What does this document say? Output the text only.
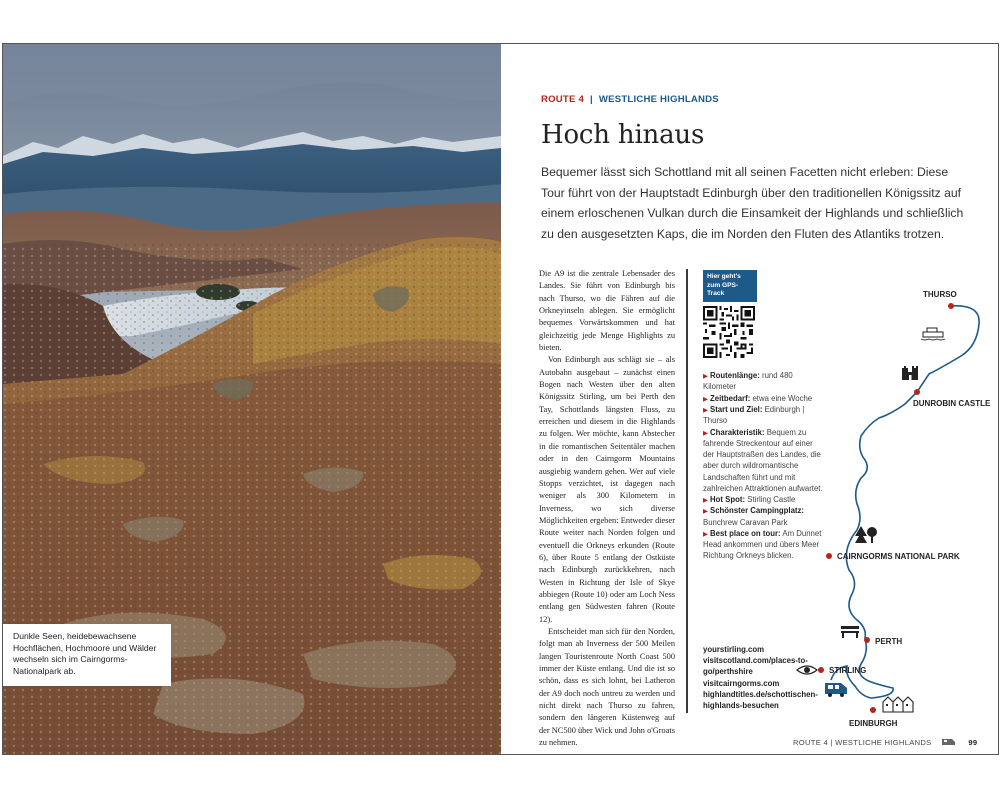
Dunkle Seen, heidebewachsene Hochflächen, Hochmoore und Wälder wechseln sich im Cairngorms-Nationalpark ab.
ROUTE 4 | WESTLICHE HIGHLANDS
Hoch hinaus
Bequemer lässt sich Schottland mit all seinen Facetten nicht erleben: Diese Tour führt von der Hauptstadt Edinburgh über den traditionellen Königssitz auf einem erloschenen Vulkan durch die Einsamkeit der Highlands und schließlich zu den ausgesetzten Kaps, die im Norden den Fluten des Atlantiks trotzen.

Die A9 ist die zentrale Lebensader des Landes. Sie führt von Edinburgh bis nach Thurso, wo die Fähren auf die Orkneyinseln ablegen. Sie ermöglicht bequemes Vorwärtskommen und hat gleichzeitig jede Menge Highlights zu bieten.

Von Edinburgh aus schlägt sie – als Autobahn ausgebaut – zunächst einen Bogen nach Westen über den alten Königssitz Stirling, um bei Perth den Tay, Schottlands längsten Fluss, zu erreichen und diesem in die Highlands zu folgen. Wer möchte, kann Abstecher in die romantischen Seitentäler machen oder in den Cairngorm Mountains ausgiebig wandern gehen. Wer auf viele Stopps verzichtet, ist dagegen nach weniger als 300 Kilometern in Inverness, wo sich diverse Möglichkeiten ergeben: Entweder dieser Route weiter nach Norden folgen und eventuell die Orkneys erkunden (Route 6), über Route 5 entlang der Ostküste nach Edinburgh zurückkehren, nach Westen in Richtung der Isle of Skye abbiegen (Route 10) oder am Loch Ness entlang gen Südwesten fahren (Route 12).

Entscheidet man sich für den Norden, folgt man ab Inverness der 500 Meilen langen Touristenroute North Coast 500 immer der Küste entlang. Und die ist so schön, dass es sich lohnt, bei Latheron der A9 doch noch untreu zu werden und nicht direkt nach Thurso zu fahren, sondern den längeren Küstenweg auf der NC500 über Wick und John o'Groats zu nehmen.

Hier geht's zum GPS-Track
▶ Routenlänge: rund 480 Kilometer
▶ Zeitbedarf: etwa eine Woche
▶ Start und Ziel: Edinburgh | Thurso
▶ Charakteristik: Bequem zu fahrende Streckentour auf einer der Hauptstraßen des Landes, die aber durch wildromantische Landschaften führt und mit zahlreichen Attraktionen aufwartet.
▶ Hot Spot: Stirling Castle
▶ Schönster Campingplatz: Bunchrew Caravan Park
▶ Best place on tour: Am Dunnet Head ankommen und übers Meer Richtung Orkneys blicken.
yourstirling.com
visitscotland.com/places-to-go/perthshire
visitcairngorms.com
highlandtitles.de/schottischen-highlands-besuchen
THURSO
DUNROBIN CASTLE
CAIRNGORMS NATIONAL PARK
PERTH
STIRLING
EDINBURGH
ROUTE 4 | WESTLICHE HIGHLANDS	99
